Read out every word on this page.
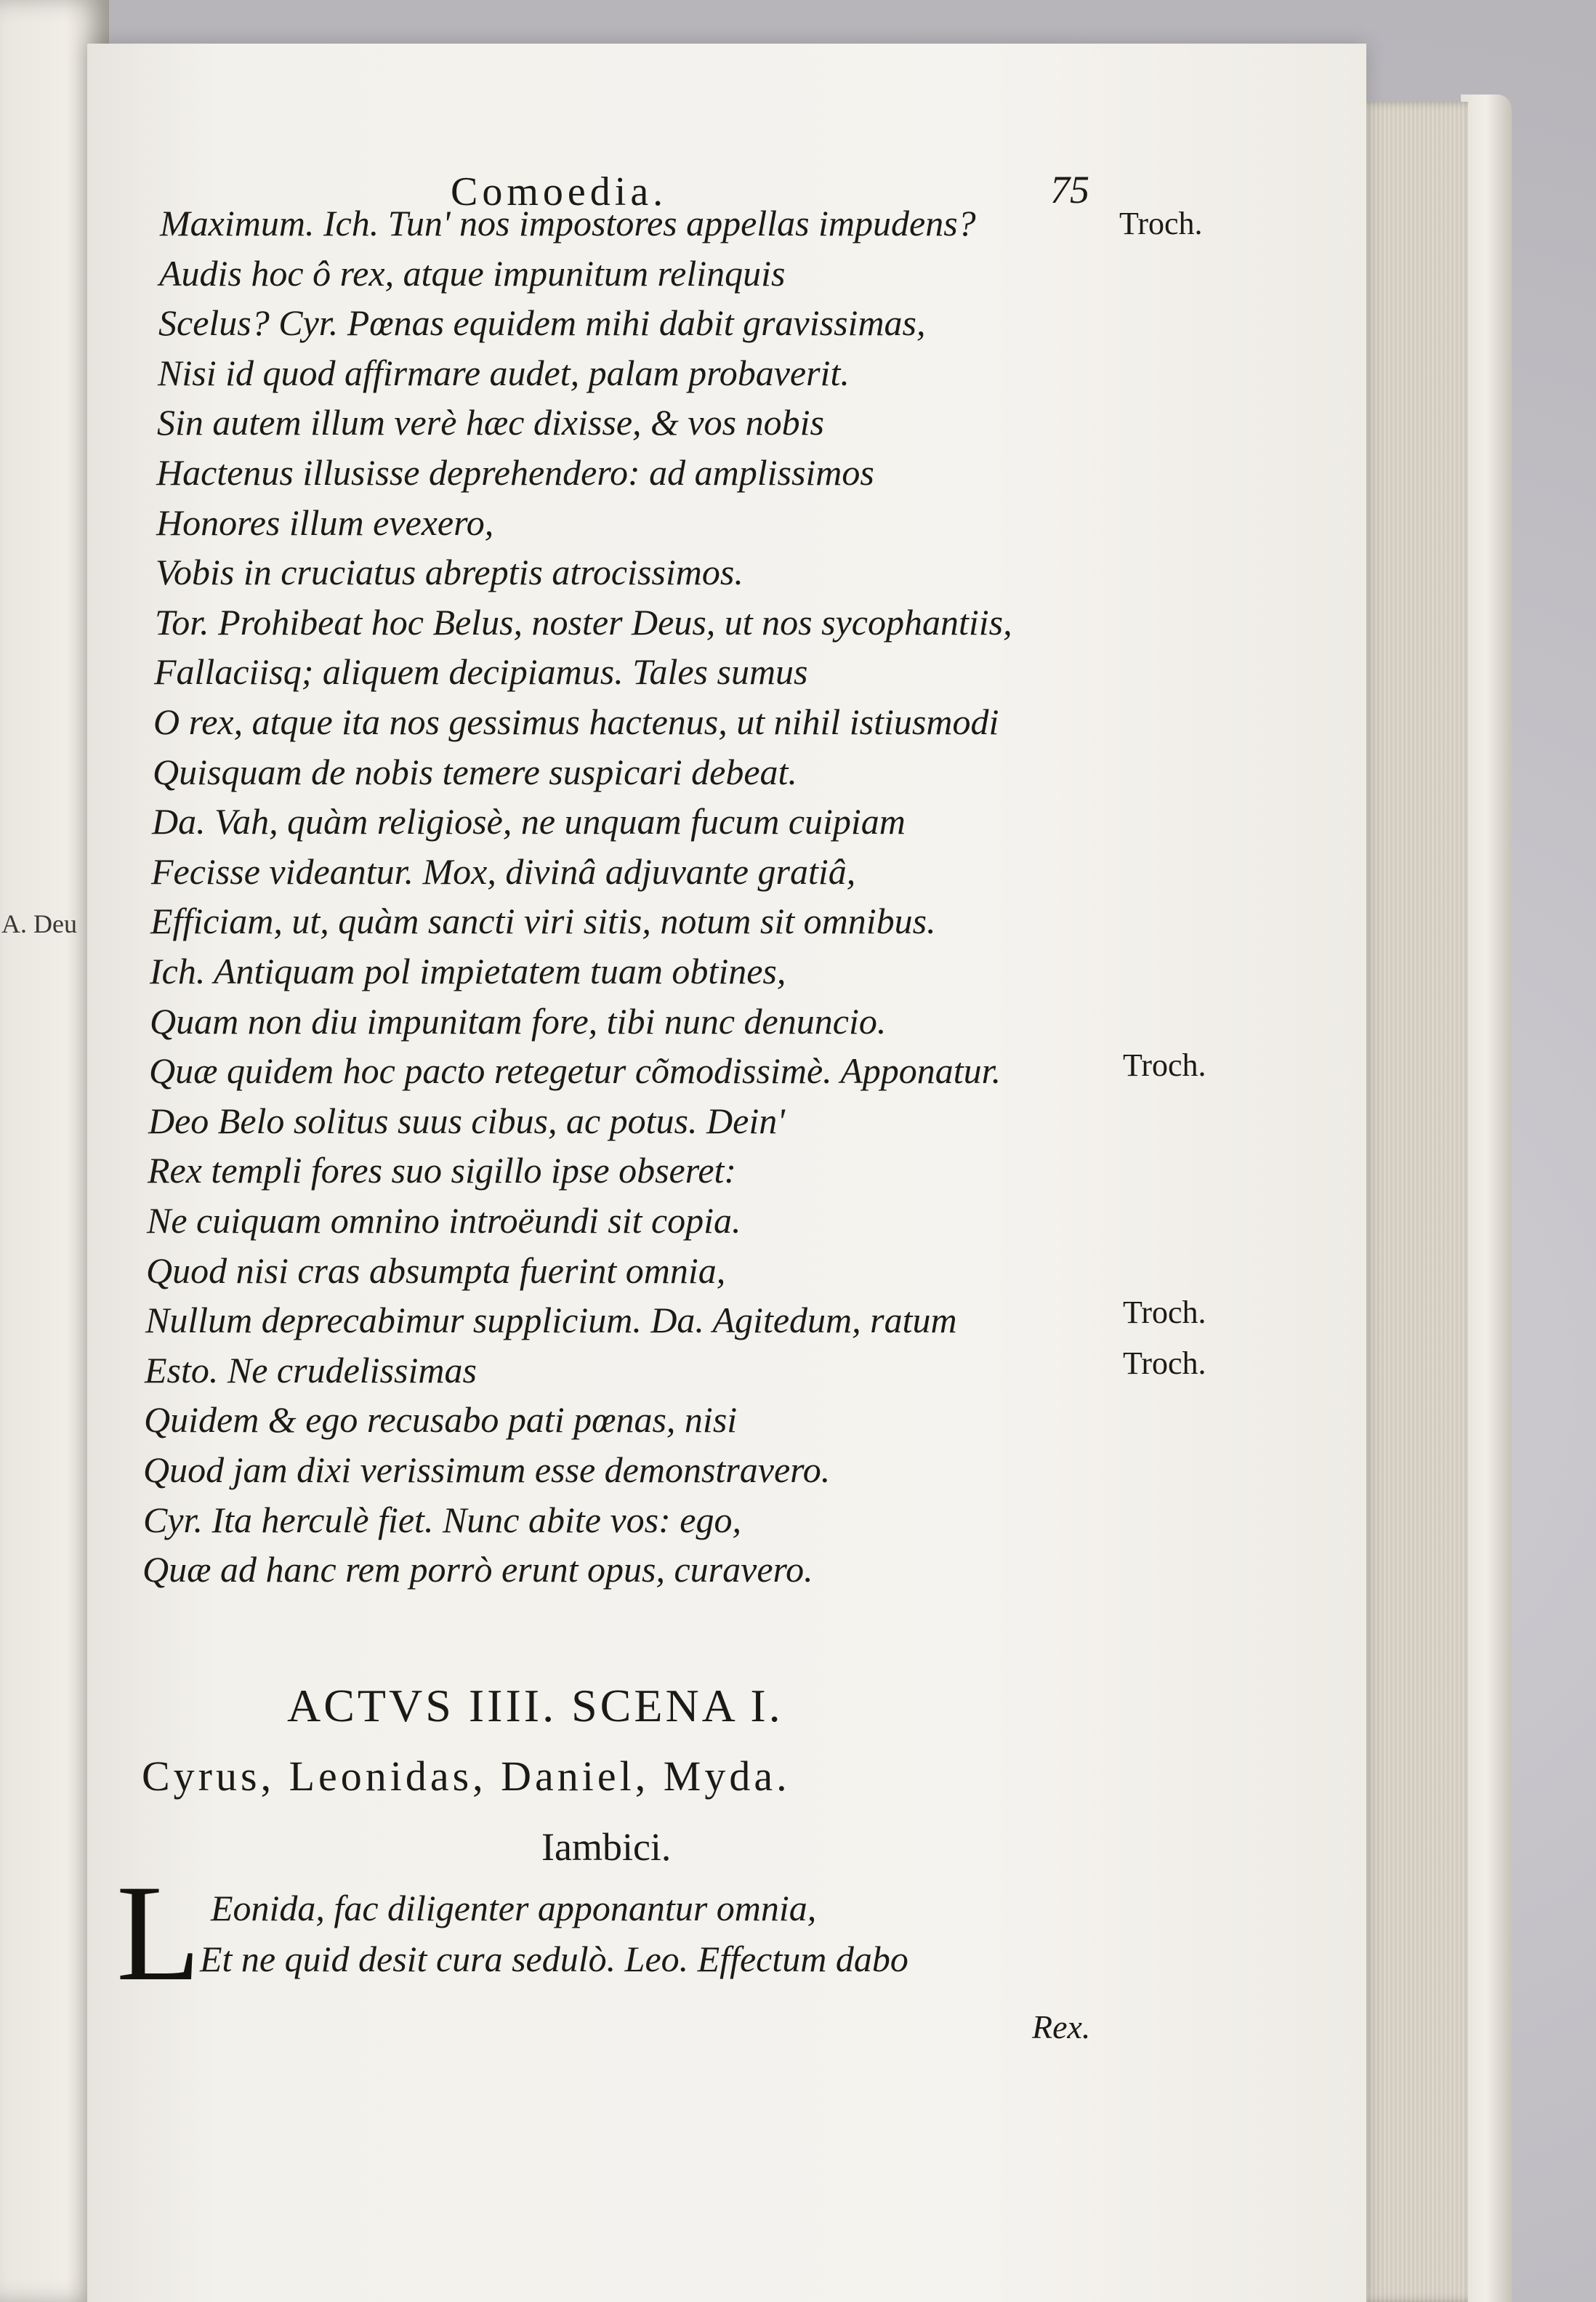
A. Deu
Comoedia.	75
Maximum. Ich. Tun' nos impostores appellas impudens?
Audis hoc ô rex, atque impunitum relinquis
Scelus? Cyr. Pœnas equidem mihi dabit gravissimas,
Nisi id quod affirmare audet, palam probaverit.
Sin autem illum verè hæc dixisse, & vos nobis
Hactenus illusisse deprehendero: ad amplissimos
Honores illum evexero,
Vobis in cruciatus abreptis atrocissimos.
Tor. Prohibeat hoc Belus, noster Deus, ut nos sycophantiis,
Fallaciisq; aliquem decipiamus. Tales sumus
O rex, atque ita nos gessimus hactenus, ut nihil istiusmodi
Quisquam de nobis temere suspicari debeat.
Da. Vah, quàm religiosè, ne unquam fucum cuipiam
Fecisse videantur. Mox, divinâ adjuvante gratiâ,
Efficiam, ut, quàm sancti viri sitis, notum sit omnibus.
Ich. Antiquam pol impietatem tuam obtines,
Quam non diu impunitam fore, tibi nunc denuncio.
Quæ quidem hoc pacto retegetur cõmodissimè. Apponatur.
Deo Belo solitus suus cibus, ac potus. Dein'
Rex templi fores suo sigillo ipse obseret:
Ne cuiquam omnino introëundi sit copia.
Quod nisi cras absumpta fuerint omnia,
Nullum deprecabimur supplicium. Da. Agitedum, ratum
Esto. Ne crudelissimas
Quidem & ego recusabo pati pœnas, nisi
Quod jam dixi verissimum esse demonstravero.
Cyr. Ita herculè fiet. Nunc abite vos: ego,
Quæ ad hanc rem porrò erunt opus, curavero.
Troch.
Troch.
Troch.
Troch.
ACTVS IIII. SCENA I.
Cyrus, Leonidas, Daniel, Myda.
Iambici.
L Eonida, fac diligenter apponantur omnia,
Et ne quid desit cura sedulò. Leo. Effectum dabo
Rex.
